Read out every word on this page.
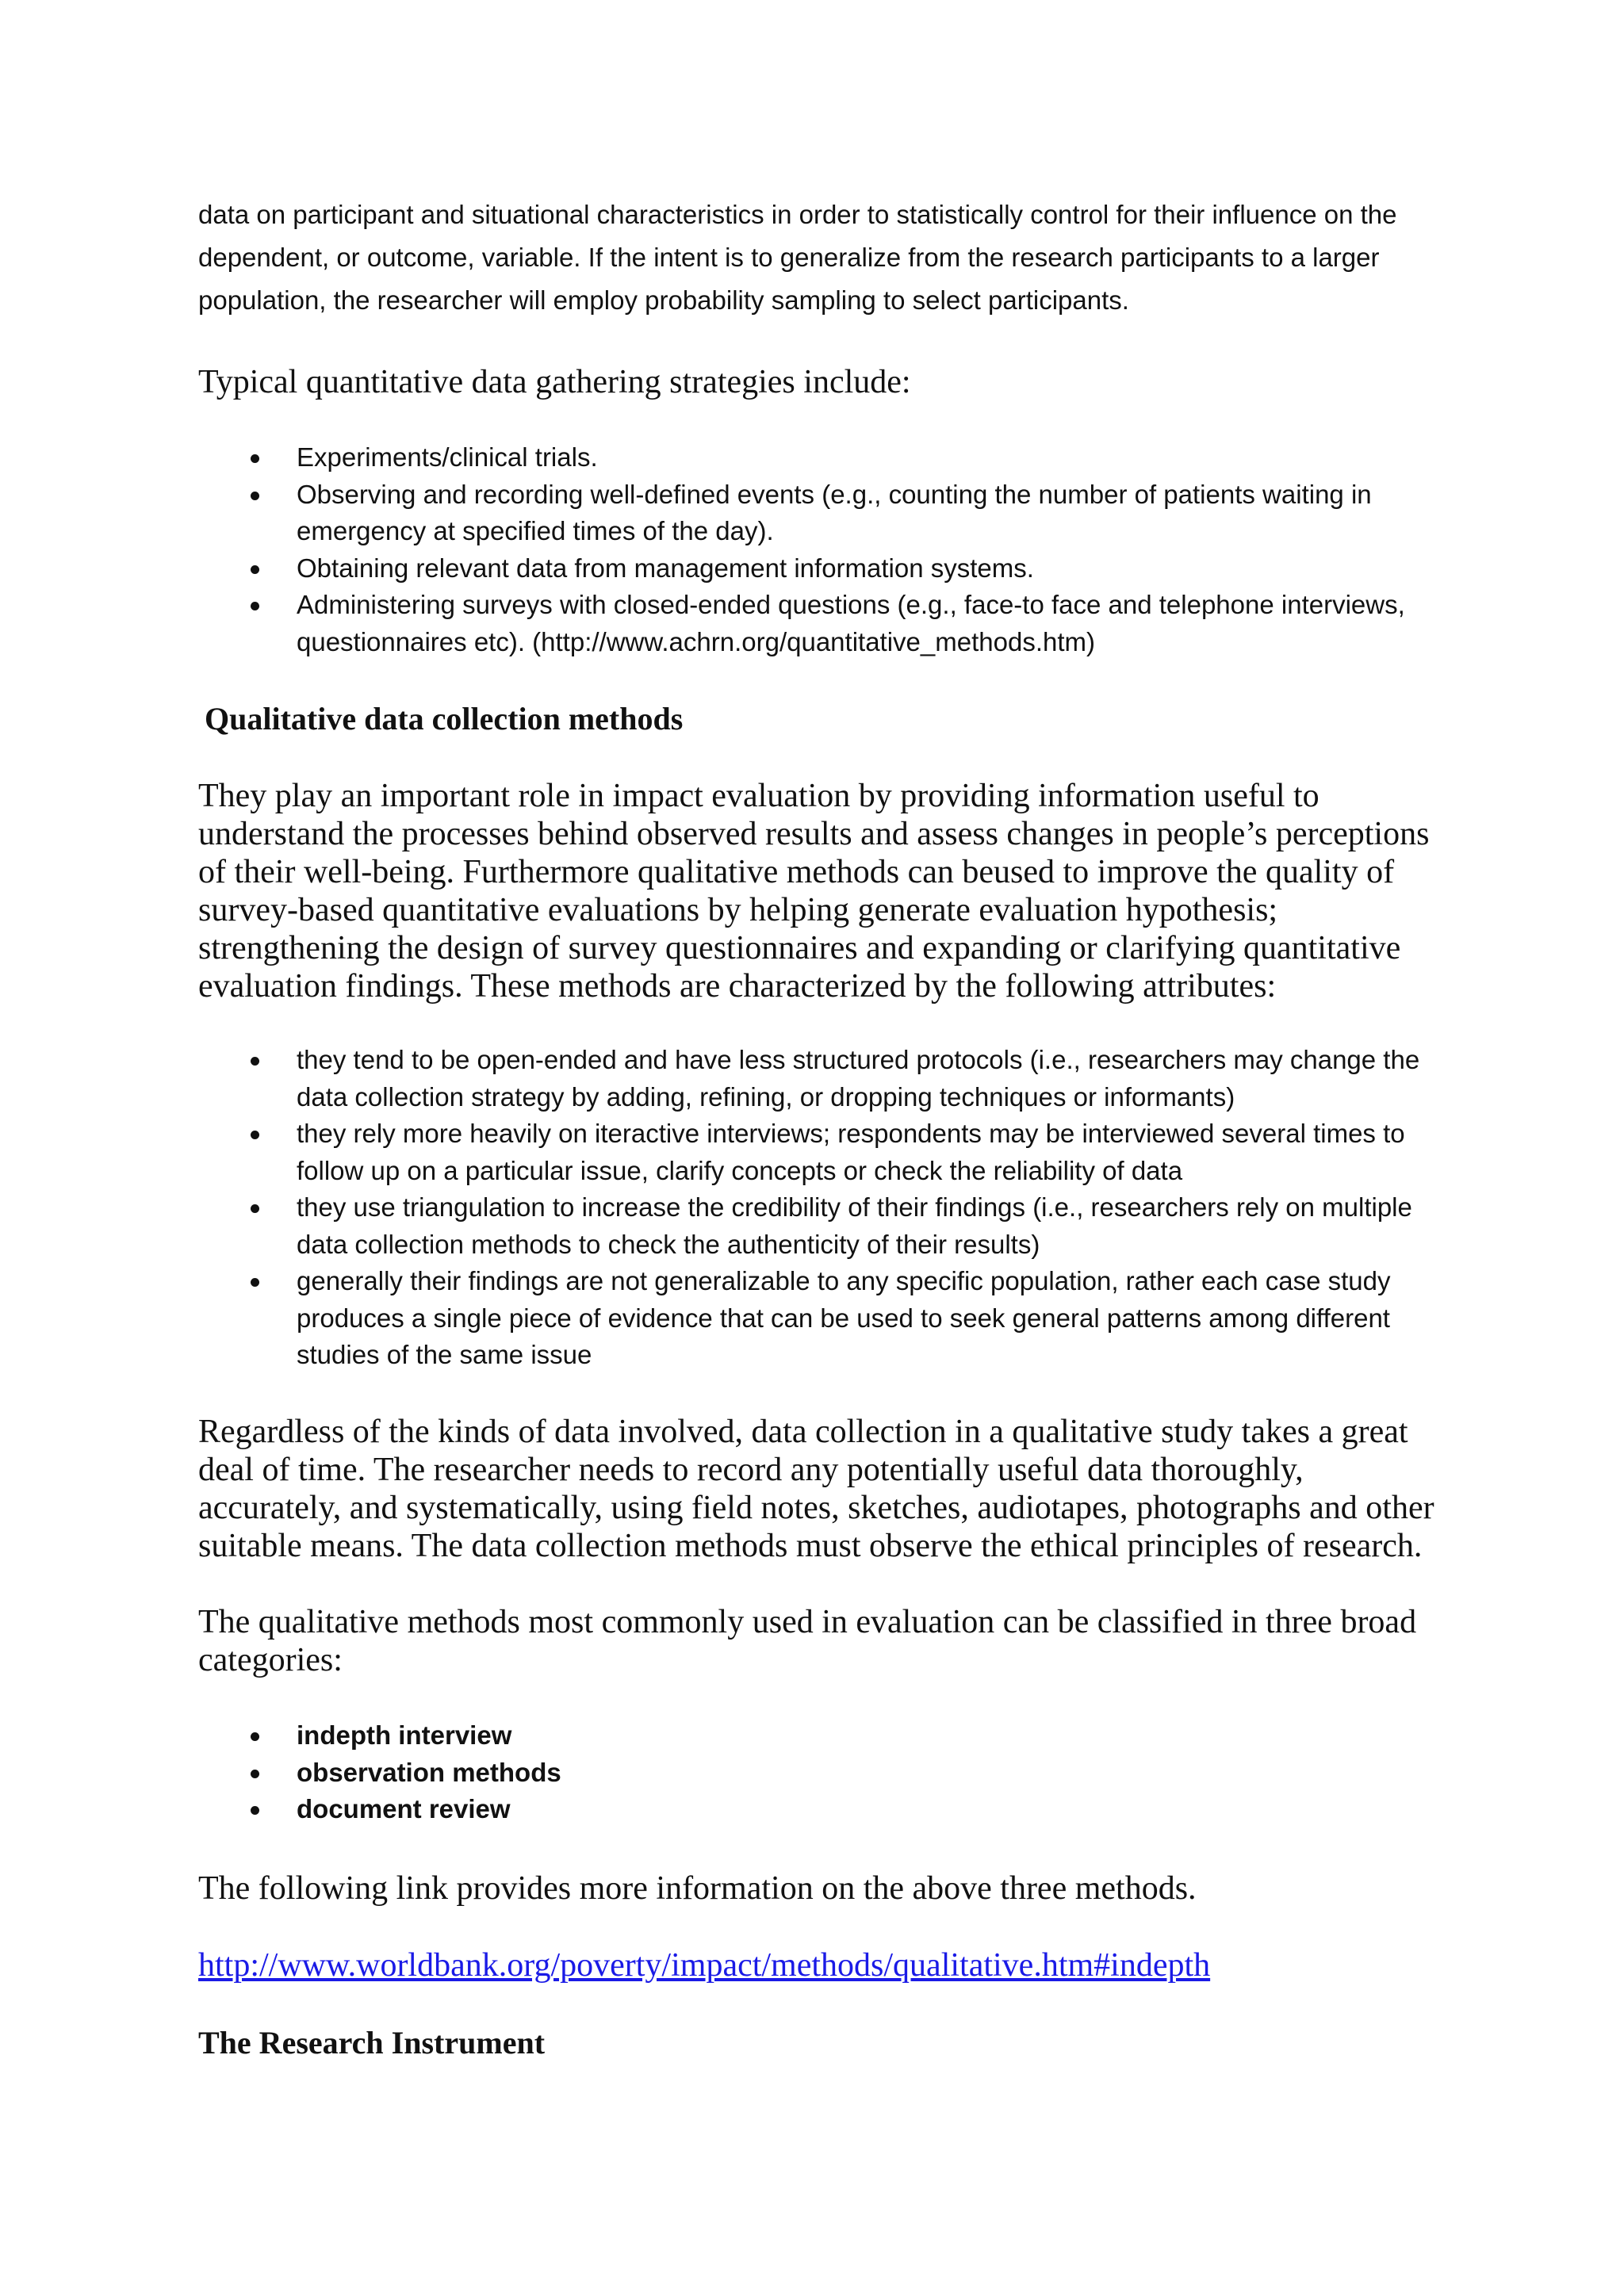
data on participant and situational characteristics in order to statistically control for their influence on the dependent, or outcome, variable. If the intent is to generalize from the research participants to a larger population, the researcher will employ probability sampling to select participants.

Typical quantitative data gathering strategies include:

Experiments/clinical trials.
Observing and recording well-defined events (e.g., counting the number of patients waiting in emergency at specified times of the day).
Obtaining relevant data from management information systems.
Administering surveys with closed-ended questions (e.g., face-to face and telephone interviews, questionnaires etc). (http://www.achrn.org/quantitative_methods.htm)
Qualitative data collection methods

They play an important role in impact evaluation by providing information useful to understand the processes behind observed results and assess changes in people’s perceptions of their well-being. Furthermore qualitative methods can beused to improve the quality of survey-based quantitative evaluations by helping generate evaluation hypothesis; strengthening the design of survey questionnaires and expanding or clarifying quantitative evaluation findings. These methods are characterized by the following attributes:

they tend to be open-ended and have less structured protocols (i.e., researchers may change the data collection strategy by adding, refining, or dropping techniques or informants)
they rely more heavily on iteractive interviews; respondents may be interviewed several times to follow up on a particular issue, clarify concepts or check the reliability of data
they use triangulation to increase the credibility of their findings (i.e., researchers rely on multiple data collection methods to check the authenticity of their results)
generally their findings are not generalizable to any specific population, rather each case study produces a single piece of evidence that can be used to seek general patterns among different studies of the same issue

Regardless of the kinds of data involved, data collection in a qualitative study takes a great deal of time. The researcher needs to record any potentially useful data thoroughly, accurately, and systematically, using field notes, sketches, audiotapes, photographs and other suitable means. The data collection methods must observe the ethical principles of research.

The qualitative methods most commonly used in evaluation can be classified in three broad categories:

indepth interview
observation methods
document review

The following link provides more information on the above three methods.

http://www.worldbank.org/poverty/impact/methods/qualitative.htm#indepth

The Research Instrument
